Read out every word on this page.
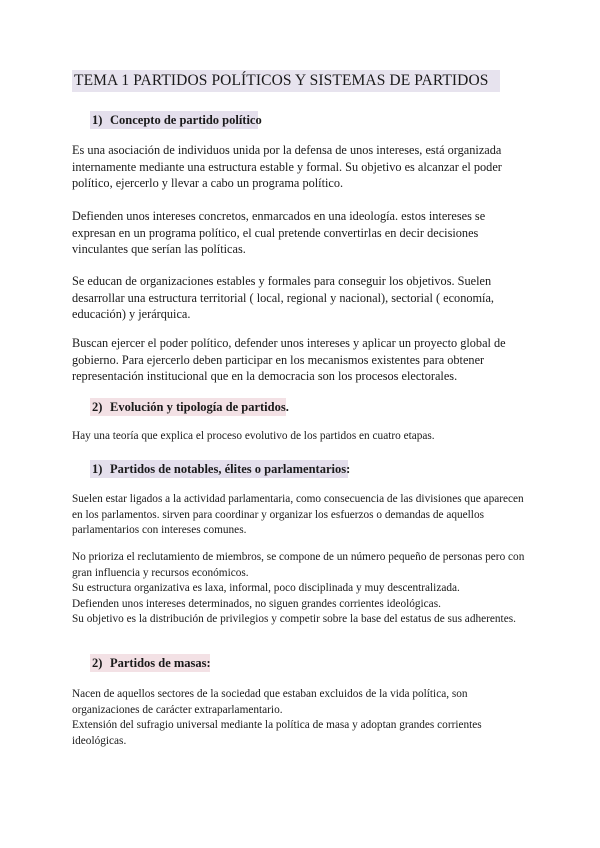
TEMA 1 PARTIDOS POLÍTICOS Y SISTEMAS DE PARTIDOS
1) Concepto de partido político
Es una asociación de individuos unida por la defensa de unos intereses, está organizada
internamente mediante una estructura estable y formal. Su objetivo es alcanzar el poder
político, ejercerlo y llevar a cabo un programa político.
Defienden unos intereses concretos, enmarcados en una ideología. estos intereses se
expresan en un programa político, el cual pretende convertirlas en decir decisiones
vinculantes que serían las políticas.
Se educan de organizaciones estables y formales para conseguir los objetivos. Suelen
desarrollar una estructura territorial ( local, regional y nacional), sectorial ( economía,
educación) y jerárquica.
Buscan ejercer el poder político, defender unos intereses y aplicar un proyecto global de
gobierno. Para ejercerlo deben participar en los mecanismos existentes para obtener
representación institucional que en la democracia son los procesos electorales.
2) Evolución y tipología de partidos.
Hay una teoría que explica el proceso evolutivo de los partidos en cuatro etapas.
1) Partidos de notables, élites o parlamentarios:
Suelen estar ligados a la actividad parlamentaria, como consecuencia de las divisiones que aparecen
en los parlamentos. sirven para coordinar y organizar los esfuerzos o demandas de aquellos
parlamentarios con intereses comunes.
No prioriza el reclutamiento de miembros, se compone de un número pequeño de personas pero con
gran influencia y recursos económicos.
Su estructura organizativa es laxa, informal, poco disciplinada y muy descentralizada.
Defienden unos intereses determinados, no siguen grandes corrientes ideológicas.
Su objetivo es la distribución de privilegios y competir sobre la base del estatus de sus adherentes.
2) Partidos de masas:
Nacen de aquellos sectores de la sociedad que estaban excluidos de la vida política, son
organizaciones de carácter extraparlamentario.
Extensión del sufragio universal mediante la política de masa y adoptan grandes corrientes
ideológicas.
